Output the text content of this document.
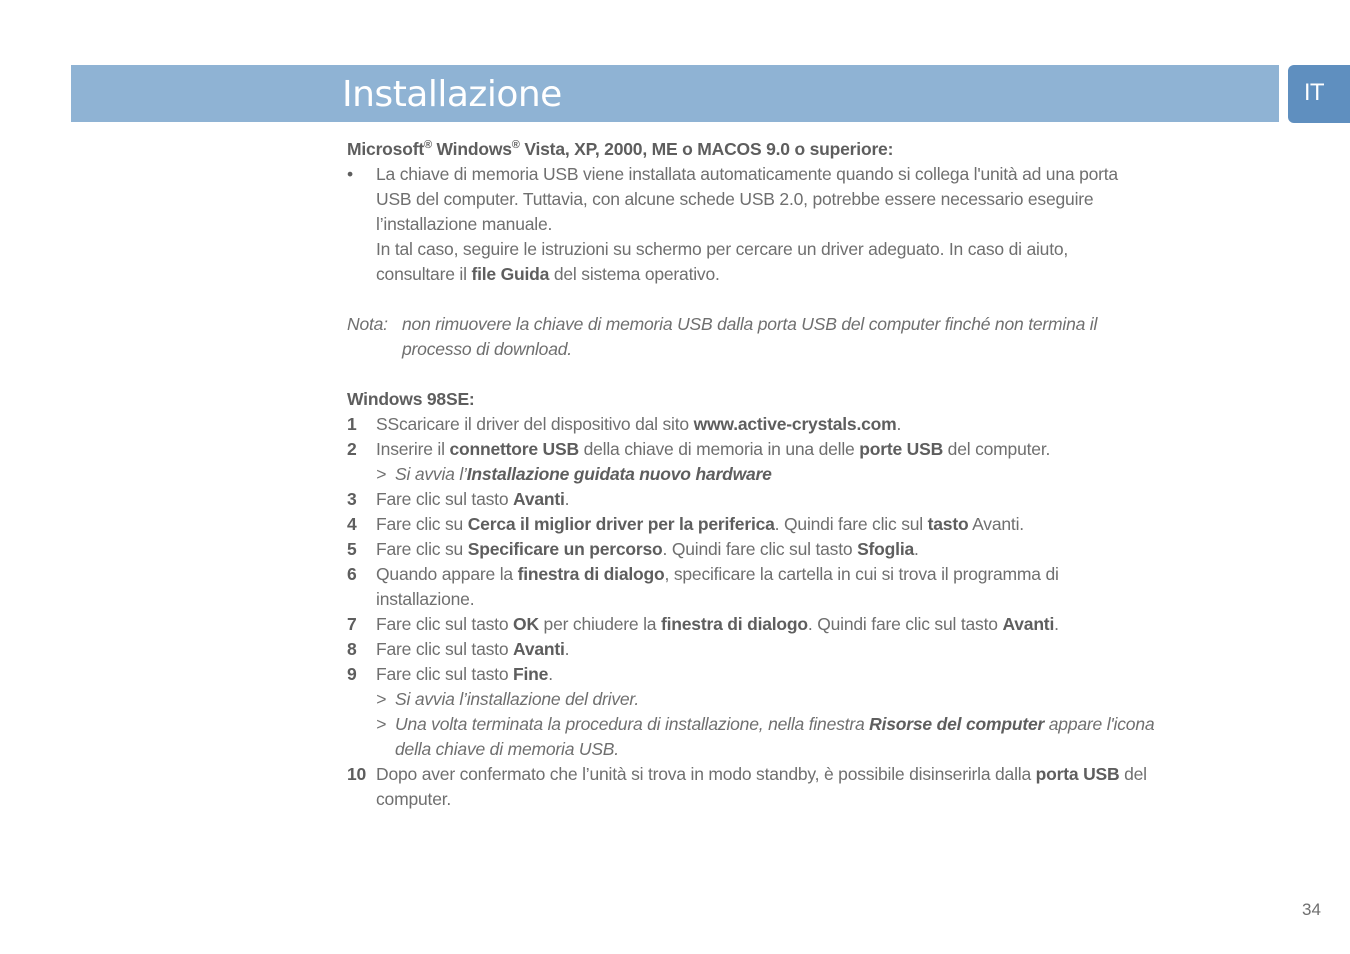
Installazione	IT
Microsoft® Windows® Vista, XP, 2000, ME o MACOS 9.0 o superiore:
• La chiave di memoria USB viene installata automaticamente quando si collega l'unità ad una porta
USB del computer. Tuttavia, con alcune schede USB 2.0, potrebbe essere necessario eseguire
l’installazione manuale.
In tal caso, seguire le istruzioni su schermo per cercare un driver adeguato. In caso di aiuto,
consultare il file Guida del sistema operativo.
Nota: non rimuovere la chiave di memoria USB dalla porta USB del computer finché non termina il
processo di download.
Windows 98SE:
1 SScaricare il driver del dispositivo dal sito www.active-crystals.com.
2 Inserire il connettore USB della chiave di memoria in una delle porte USB del computer.
> Si avvia l’Installazione guidata nuovo hardware
3 Fare clic sul tasto Avanti.
4 Fare clic su Cerca il miglior driver per la periferica. Quindi fare clic sul tasto Avanti.
5 Fare clic su Specificare un percorso. Quindi fare clic sul tasto Sfoglia.
6 Quando appare la finestra di dialogo, specificare la cartella in cui si trova il programma di
installazione.
7 Fare clic sul tasto OK per chiudere la finestra di dialogo. Quindi fare clic sul tasto Avanti.
8 Fare clic sul tasto Avanti.
9 Fare clic sul tasto Fine.
> Si avvia l’installazione del driver.
> Una volta terminata la procedura di installazione, nella finestra Risorse del computer appare l'icona
della chiave di memoria USB.
10 Dopo aver confermato che l’unità si trova in modo standby, è possibile disinserirla dalla porta USB del
computer.
34
